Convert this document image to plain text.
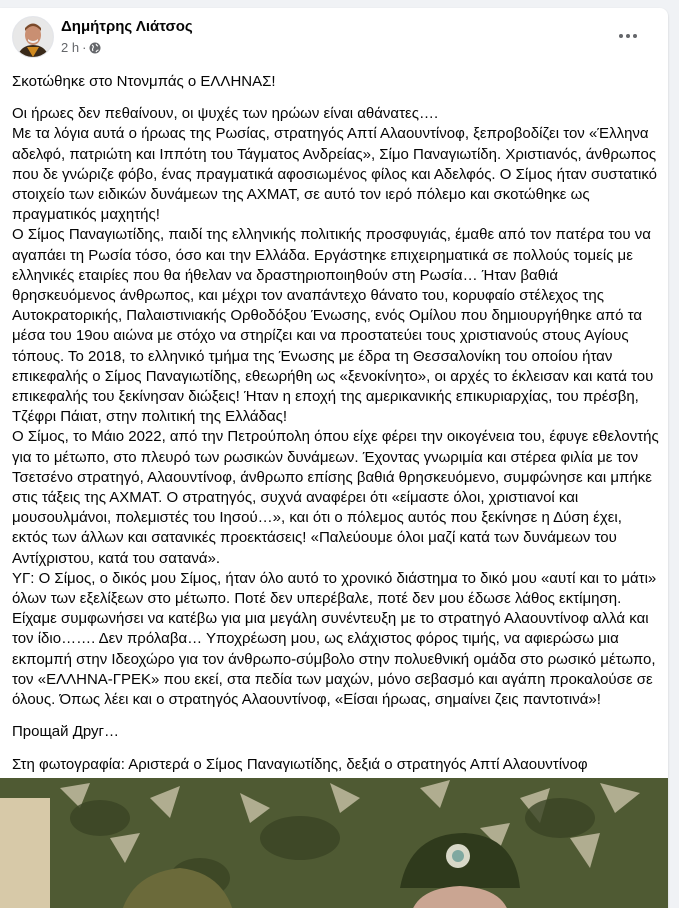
Δημήτρης Λιάτσος
2 h ·

Σκοτώθηκε στο Ντονμπάς ο ΕΛΛΗΝΑΣ!

Οι ήρωες δεν πεθαίνουν, οι ψυχές των ηρώων είναι αθάνατες….

Με τα λόγια αυτά ο ήρωας της Ρωσίας, στρατηγός Απτί Αλαουντίνοφ, ξεπροβοδίζει τον «Έλληνα αδελφό, πατριώτη και Ιππότη του Τάγματος Ανδρείας», Σίμο Παναγιωτίδη. Χριστιανός, άνθρωπος που δε γνώριζε φόβο, ένας πραγματικά αφοσιωμένος φίλος και Αδελφός. Ο Σίμος ήταν συστατικό στοιχείο των ειδικών δυνάμεων της ΑΧΜΑΤ, σε αυτό τον ιερό πόλεμο και σκοτώθηκε ως πραγματικός μαχητής!

Ο Σίμος Παναγιωτίδης, παιδί της ελληνικής πολιτικής προσφυγιάς, έμαθε από τον πατέρα του να αγαπάει τη Ρωσία τόσο, όσο και την Ελλάδα. Εργάστηκε επιχειρηματικά σε πολλούς τομείς με ελληνικές εταιρίες που θα ήθελαν να δραστηριοποιηθούν στη Ρωσία… Ήταν βαθιά θρησκευόμενος άνθρωπος, και μέχρι τον αναπάντεχο θάνατο του, κορυφαίο στέλεχος της Αυτοκρατορικής, Παλαιστινιακής Ορθοδόξου Ένωσης, ενός Ομίλου που δημιουργήθηκε από τα μέσα του 19ου αιώνα με στόχο να στηρίζει και να προστατεύει τους χριστιανούς στους Αγίους τόπους. Το 2018, το ελληνικό τμήμα της Ένωσης με έδρα τη Θεσσαλονίκη του οποίου ήταν επικεφαλής ο Σίμος Παναγιωτίδης, εθεωρήθη ως «ξενοκίνητο», οι αρχές το έκλεισαν και κατά του επικεφαλής του ξεκίνησαν διώξεις! Ήταν η εποχή της αμερικανικής επικυριαρχίας, του πρέσβη, Τζέφρι Πάιατ, στην πολιτική της Ελλάδας!

Ο Σίμος, το Μάιο 2022, από την Πετρούπολη όπου είχε φέρει την οικογένεια του, έφυγε εθελοντής για το μέτωπο, στο πλευρό των ρωσικών δυνάμεων. Έχοντας γνωριμία και στέρεα φιλία με τον Τσετσένο στρατηγό, Αλαουντίνοφ, άνθρωπο επίσης βαθιά θρησκευόμενο, συμφώνησε και μπήκε στις τάξεις της ΑΧΜΑΤ. Ο στρατηγός, συχνά αναφέρει ότι «είμαστε όλοι, χριστιανοί και μουσουλμάνοι, πολεμιστές του Ιησού…», και ότι ο πόλεμος αυτός που ξεκίνησε η Δύση έχει, εκτός των άλλων και σατανικές προεκτάσεις! «Παλεύουμε όλοι μαζί κατά των δυνάμεων του Αντίχριστου, κατά του σατανά».

ΥΓ: Ο Σίμος, ο δικός μου Σίμος, ήταν όλο αυτό το χρονικό διάστημα το δικό μου «αυτί και το μάτι» όλων των εξελίξεων στο μέτωπο. Ποτέ δεν υπερέβαλε, ποτέ δεν μου έδωσε λάθος εκτίμηση. Είχαμε συμφωνήσει να κατέβω για μια μεγάλη συνέντευξη με το στρατηγό Αλαουντίνοφ αλλά και τον ίδιο……. Δεν πρόλαβα… Υποχρέωση μου, ως ελάχιστος φόρος τιμής, να αφιερώσω μια εκπομπή στην Ιδεοχώρο για τον άνθρωπο-σύμβολο στην πολυεθνική ομάδα στο ρωσικό μέτωπο, τον «ΕΛΛΗΝΑ-ΓΡΕΚ» που εκεί, στα πεδία των μαχών, μόνο σεβασμό και αγάπη προκαλούσε σε όλους. Όπως λέει και ο στρατηγός Αλαουντίνοφ, «Είσαι ήρωας, σημαίνει ζεις παντοτινά»!

Прощай Друг…

Στη φωτογραφία: Αριστερά ο Σίμος Παναγιωτίδης, δεξιά ο στρατηγός Απτί Αλαουντίνοφ
